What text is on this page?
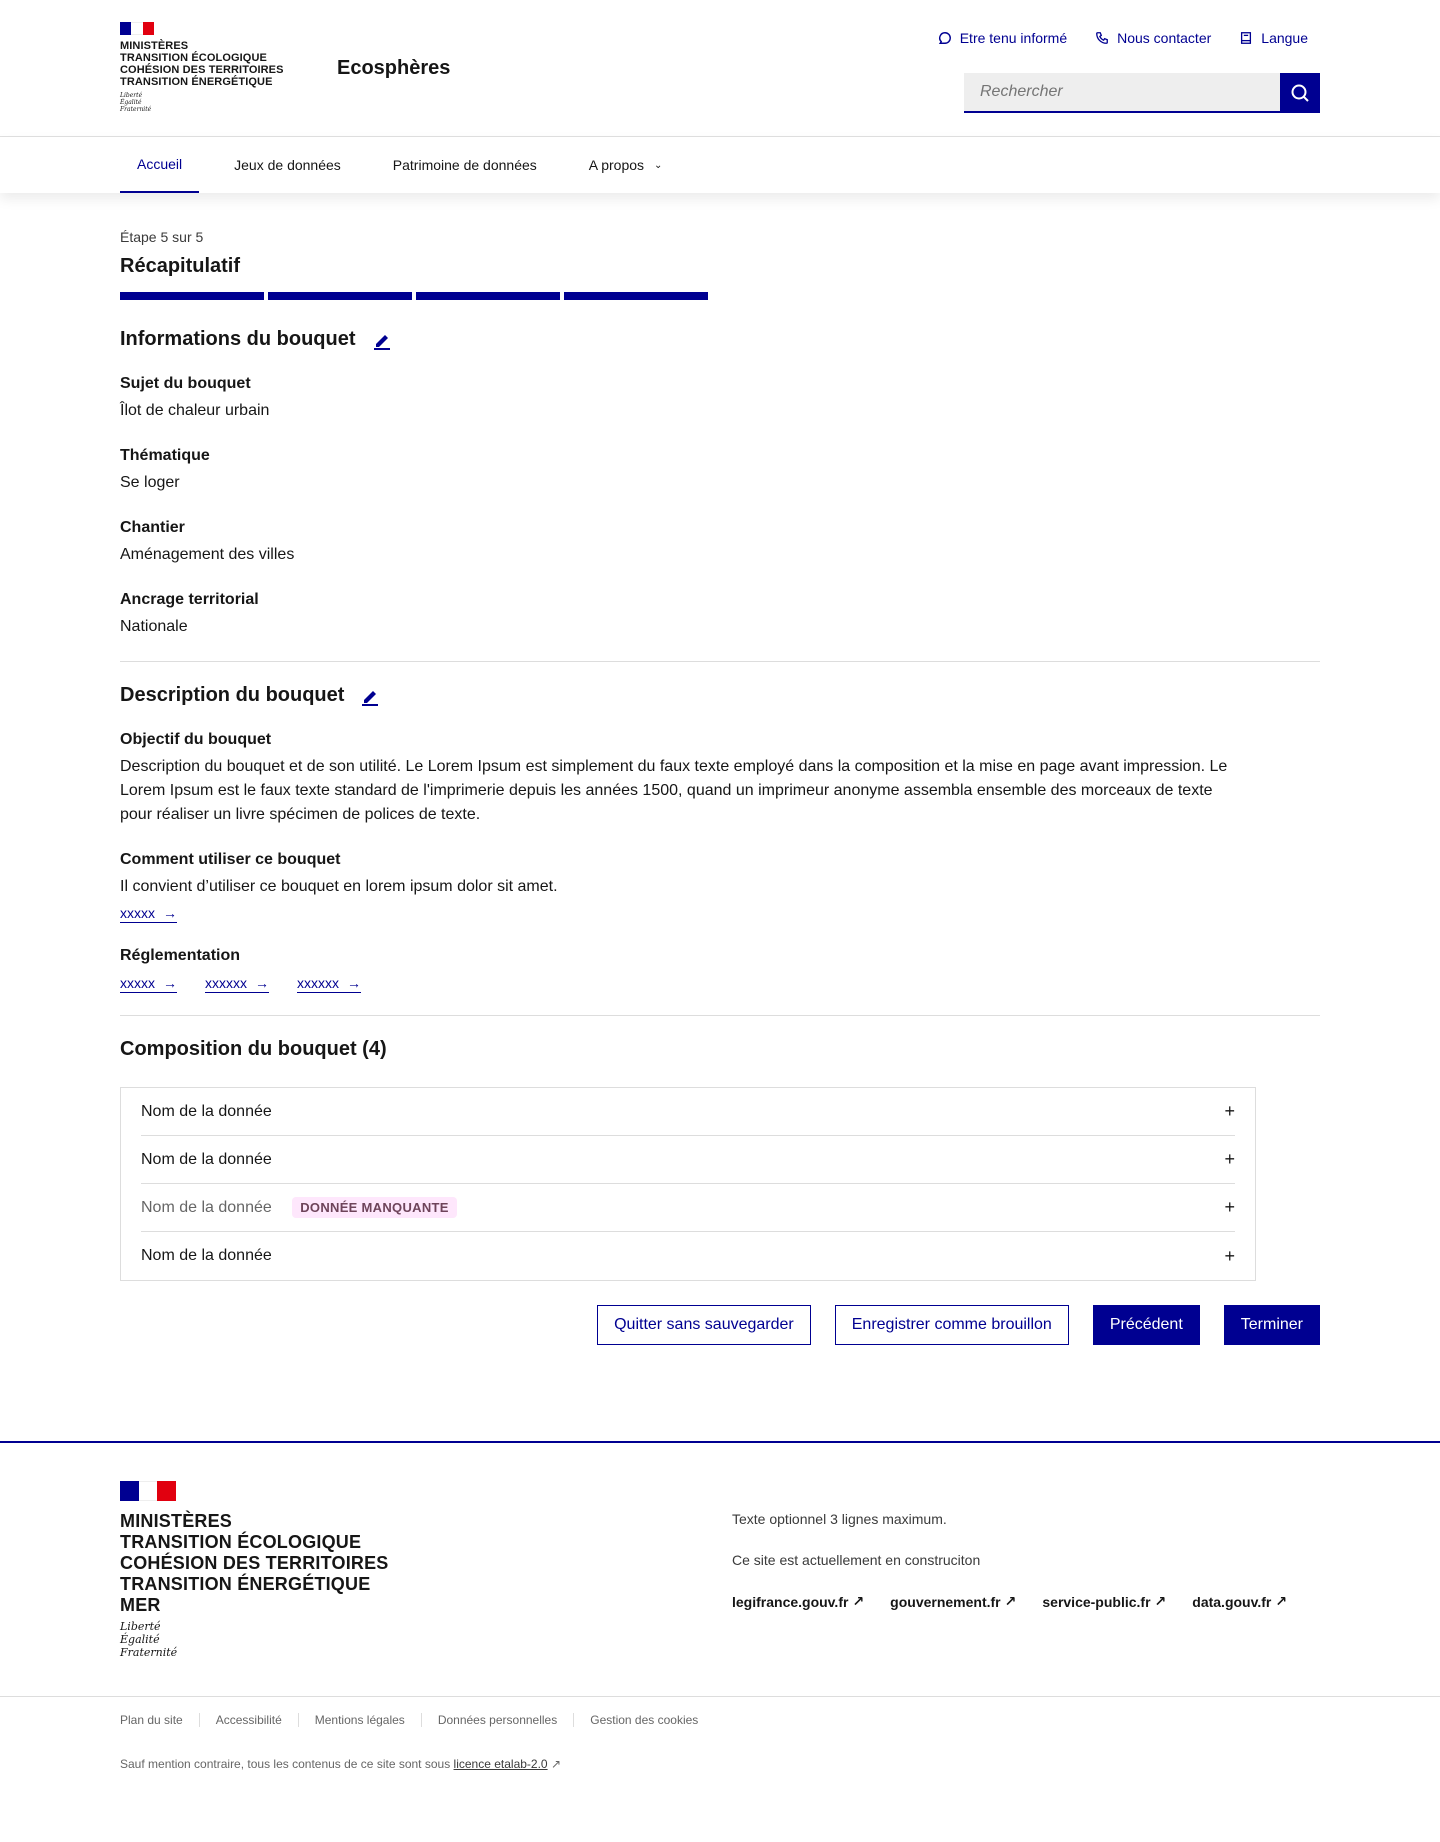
MINISTÈRES
TRANSITION ÉCOLOGIQUE
COHÉSION DES TERRITOIRES
TRANSITION ÉNERGÉTIQUE
Liberté
Égalité
Fraternité
Ecosphères
Etre tenu informé	Nous contacter	Langue
Rechercher
Accueil	Jeux de données	Patrimoine de données	A propos ⌄
Étape 5 sur 5
Récapitulatif
Informations du bouquet
Sujet du bouquet
Îlot de chaleur urbain
Thématique
Se loger
Chantier
Aménagement des villes
Ancrage territorial
Nationale
Description du bouquet
Objectif du bouquet
Description du bouquet et de son utilité. Le Lorem Ipsum est simplement du faux texte employé dans la composition et la mise en page avant impression. Le Lorem Ipsum est le faux texte standard de l'imprimerie depuis les années 1500, quand un imprimeur anonyme assembla ensemble des morceaux de texte pour réaliser un livre spécimen de polices de texte.
Comment utiliser ce bouquet
Il convient d’utiliser ce bouquet en lorem ipsum dolor sit amet.
xxxxx →
Réglementation
xxxxx → xxxxxx → xxxxxx →
Composition du bouquet (4)
Nom de la donnée	+
Nom de la donnée	+
Nom de la donnée DONNÉE MANQUANTE	+
Nom de la donnée	+
Quitter sans sauvegarder	Enregistrer comme brouillon	Précédent	Terminer
MINISTÈRES
TRANSITION ÉCOLOGIQUE
COHÉSION DES TERRITOIRES
TRANSITION ÉNERGÉTIQUE
MER
Liberté
Égalité
Fraternité

Texte optionnel 3 lignes maximum.

Ce site est actuellement en construciton

legifrance.gouv.fr ↗ gouvernement.fr ↗ service-public.fr ↗ data.gouv.fr ↗
Plan du site	Accessibilité	Mentions légales	Données personnelles	Gestion des cookies
Sauf mention contraire, tous les contenus de ce site sont sous licence etalab-2.0 ↗
